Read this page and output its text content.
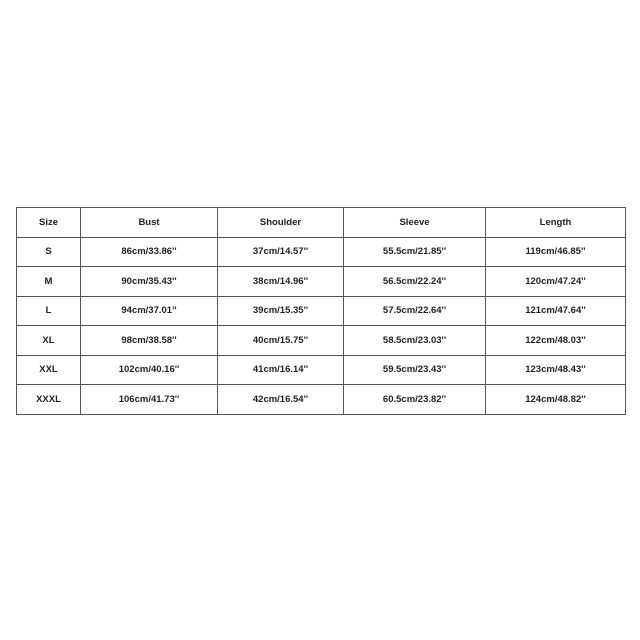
Size	Bust	Shoulder	Sleeve	Length
S	86cm/33.86''	37cm/14.57''	55.5cm/21.85''	119cm/46.85''
M	90cm/35.43''	38cm/14.96''	56.5cm/22.24''	120cm/47.24''
L	94cm/37.01''	39cm/15.35''	57.5cm/22.64''	121cm/47.64''
XL	98cm/38.58''	40cm/15.75''	58.5cm/23.03''	122cm/48.03''
XXL	102cm/40.16''	41cm/16.14''	59.5cm/23.43''	123cm/48.43''
XXXL	106cm/41.73''	42cm/16.54''	60.5cm/23.82''	124cm/48.82''
